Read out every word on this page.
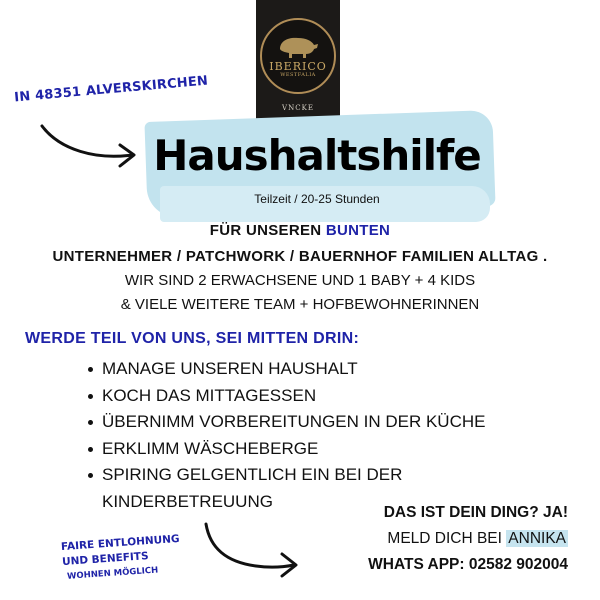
IBERICO
WESTFALIA
VNCKE
IN 48351 ALVERSKIRCHEN
Haushaltshilfe
Teilzeit / 20-25 Stunden
FÜR UNSEREN BUNTEN
UNTERNEHMER / PATCHWORK / BAUERNHOF FAMILIEN ALLTAG .
WIR SIND 2 ERWACHSENE UND 1 BABY + 4 KIDS
& VIELE WEITERE TEAM + HOFBEWOHNERINNEN
WERDE TEIL VON UNS, SEI MITTEN DRIN:
MANAGE UNSEREN HAUSHALT
KOCH DAS MITTAGESSEN
ÜBERNIMM VORBEREITUNGEN IN DER KÜCHE
ERKLIMM WÄSCHEBERGE
SPIRING GELGENTLICH EIN BEI DER
KINDERBETREUUNG
FAIRE ENTLOHNUNG
UND BENEFITS
WOHNEN MÖGLICH
DAS IST DEIN DING? JA!
MELD DICH BEI ANNIKA
WHATS APP: 02582 902004
